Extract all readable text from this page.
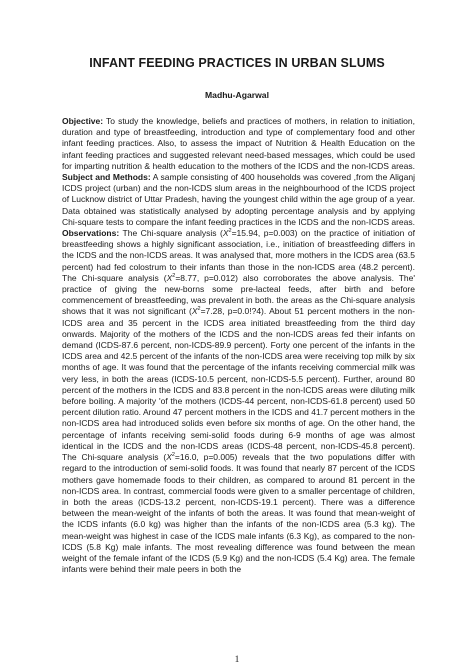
INFANT FEEDING PRACTICES IN URBAN SLUMS
Madhu-Agarwal

Objective: To study the knowledge, beliefs and practices of mothers, in relation to initiation, duration and type of breastfeeding, introduction and type of complementary food and other infant feeding practices. Also, to assess the impact of Nutrition & Health Education on the infant feeding practices and suggested relevant need-based messages, which could be used for imparting nutrition & health education to the mothers of the ICDS and the non-ICDS areas. Subject and Methods: A sample consisting of 400 households was covered ,from the Aliganj ICDS project (urban) and the non-ICDS slum areas in the neighbourhood of the ICDS project of Lucknow district of Uttar Pradesh, having the youngest child within the age group of a year. Data obtained was statistically analysed by adopting percentage analysis and by applying Chi-square tests to compare the infant feeding practices in the ICDS and the non-ICDS areas. Observations: The Chi-square analysis ($X^2=15.94$, p=0.003) on the practice of initiation of breastfeeding shows a highly significant association, i.e., initiation of breastfeeding differs in the ICDS and the non-ICDS areas. It was analysed that, more mothers in the ICDS area (63.5 percent) had fed colostrum to their infants than those in the non-ICDS area (48.2 percent). The Chi-square analysis ($X^2=8.77$, p=0.012) also corroborates the above analysis. The' practice of giving the new-borns some pre-lacteal feeds, after birth and before commencement of breastfeeding, was prevalent in both. the areas as the Chi-square analysis shows that it was not significant ($X^2=7.28$, p=0.0!?4). About 51 percent mothers in the non-ICDS area and 35 percent in the ICDS area initiated breastfeeding from the third day onwards. Majority of the mothers of the ICDS and the non-ICDS areas fed their infants on demand (ICDS-87.6 percent, non-ICDS-89.9 percent). Forty one percent of the infants in the ICDS area and 42.5 percent of the infants of the non-ICDS area were receiving top milk by six months of age. It was found that the percentage of the infants receiving commercial milk was very less, in both the areas (ICDS-10.5 percent, non-ICDS-5.5 percent). Further, around 80 percent of the mothers in the ICDS and 83.8 percent in the non-ICDS areas were diluting milk before boiling. A majority 'of the mothers (ICDS-44 percent, non-ICDS-61.8 percent) used 50 percent dilution ratio. Around 47 percent mothers in the ICDS and 41.7 percent mothers in the non-ICDS area had introduced solids even before six months of age. On the other hand, the percentage of infants receiving semi-solid foods during 6-9 months of age was almost identical in the ICDS and the non-ICDS areas (ICDS-48 percent, non-ICDS-45.8 percent). The Chi-square analysis ($X^2=16.0$, p=0.005) reveals that the two populations differ with regard to the introduction of semi-solid foods. It was found that nearly 87 percent of the ICDS mothers gave homemade foods to their children, as compared to around 81 percent in the non-ICDS area. In contrast, commercial foods were given to a smaller percentage of children, in both the areas (ICDS-13.2 percent, non-ICDS-19.1 percent). There was a difference between the mean-weight of the infants of both the areas. It was found that mean-weight of the ICDS infants (6.0 kg) was higher than the infants of the non-ICDS area (5.3 kg). The mean-weight was highest in case of the ICDS male infants (6.3 Kg), as compared to the non-ICDS (5.8 Kg) male infants. The most revealing difference was found between the mean weight of the female infant of the ICDS (5.9 Kg) and the non-ICDS (5.4 Kg) area. The female infants were behind their male peers in both the

1
